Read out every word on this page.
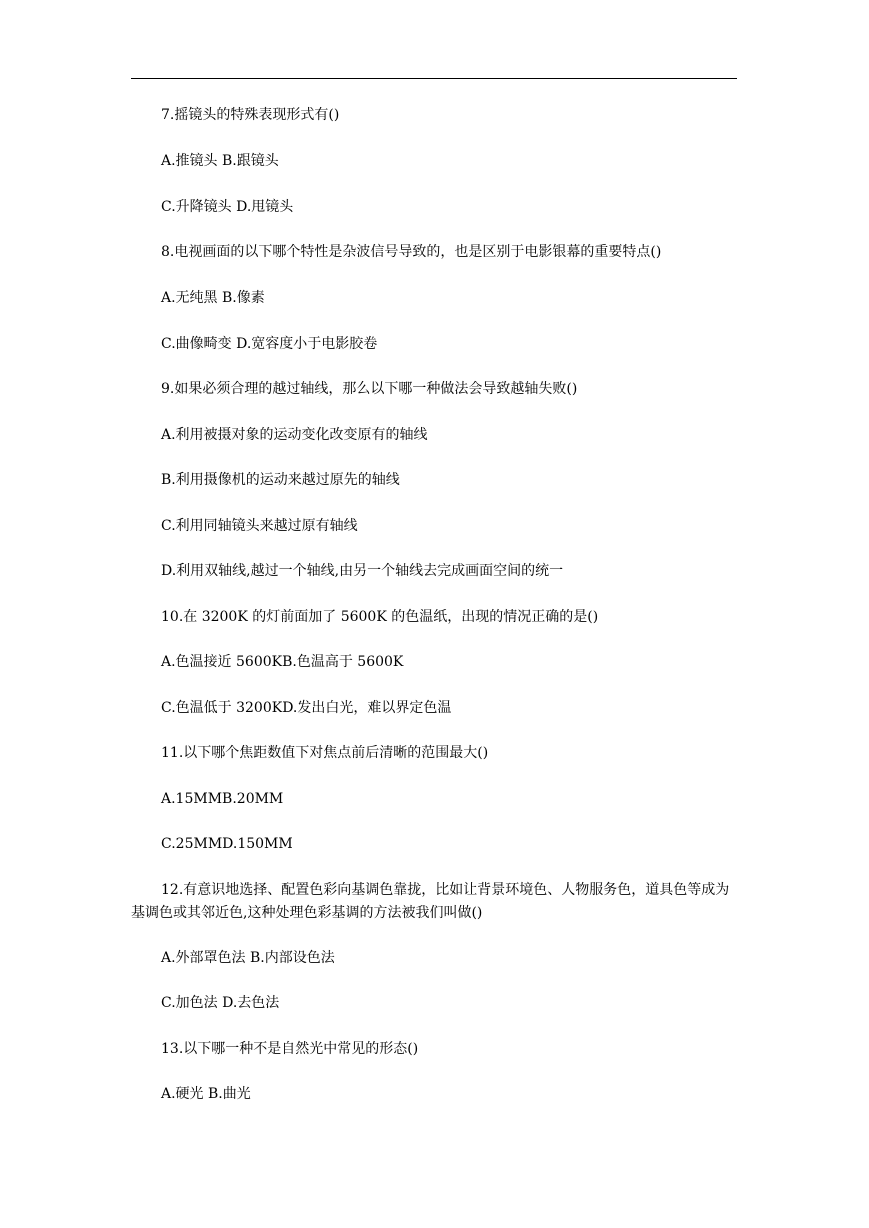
7.摇镜头的特殊表现形式有()
A.推镜头 B.跟镜头
C.升降镜头 D.甩镜头
8.电视画面的以下哪个特性是杂波信号导致的，也是区别于电影银幕的重要特点()
A.无纯黑 B.像素
C.曲像畸变 D.宽容度小于电影胶卷
9.如果必须合理的越过轴线，那么以下哪一种做法会导致越轴失败()
A.利用被摄对象的运动变化改变原有的轴线
B.利用摄像机的运动来越过原先的轴线
C.利用同轴镜头来越过原有轴线
D.利用双轴线,越过一个轴线,由另一个轴线去完成画面空间的统一
10.在 3200K 的灯前面加了 5600K 的色温纸，出现的情况正确的是()
A.色温接近 5600KB.色温高于 5600K
C.色温低于 3200KD.发出白光，难以界定色温
11.以下哪个焦距数值下对焦点前后清晰的范围最大()
A.15MMB.20MM
C.25MMD.150MM
12.有意识地选择、配置色彩向基调色靠拢，比如让背景环境色、人物服务色，道具色等成为基调色或其邻近色,这种处理色彩基调的方法被我们叫做()
A.外部罩色法 B.内部设色法
C.加色法 D.去色法
13.以下哪一种不是自然光中常见的形态()
A.硬光 B.曲光
